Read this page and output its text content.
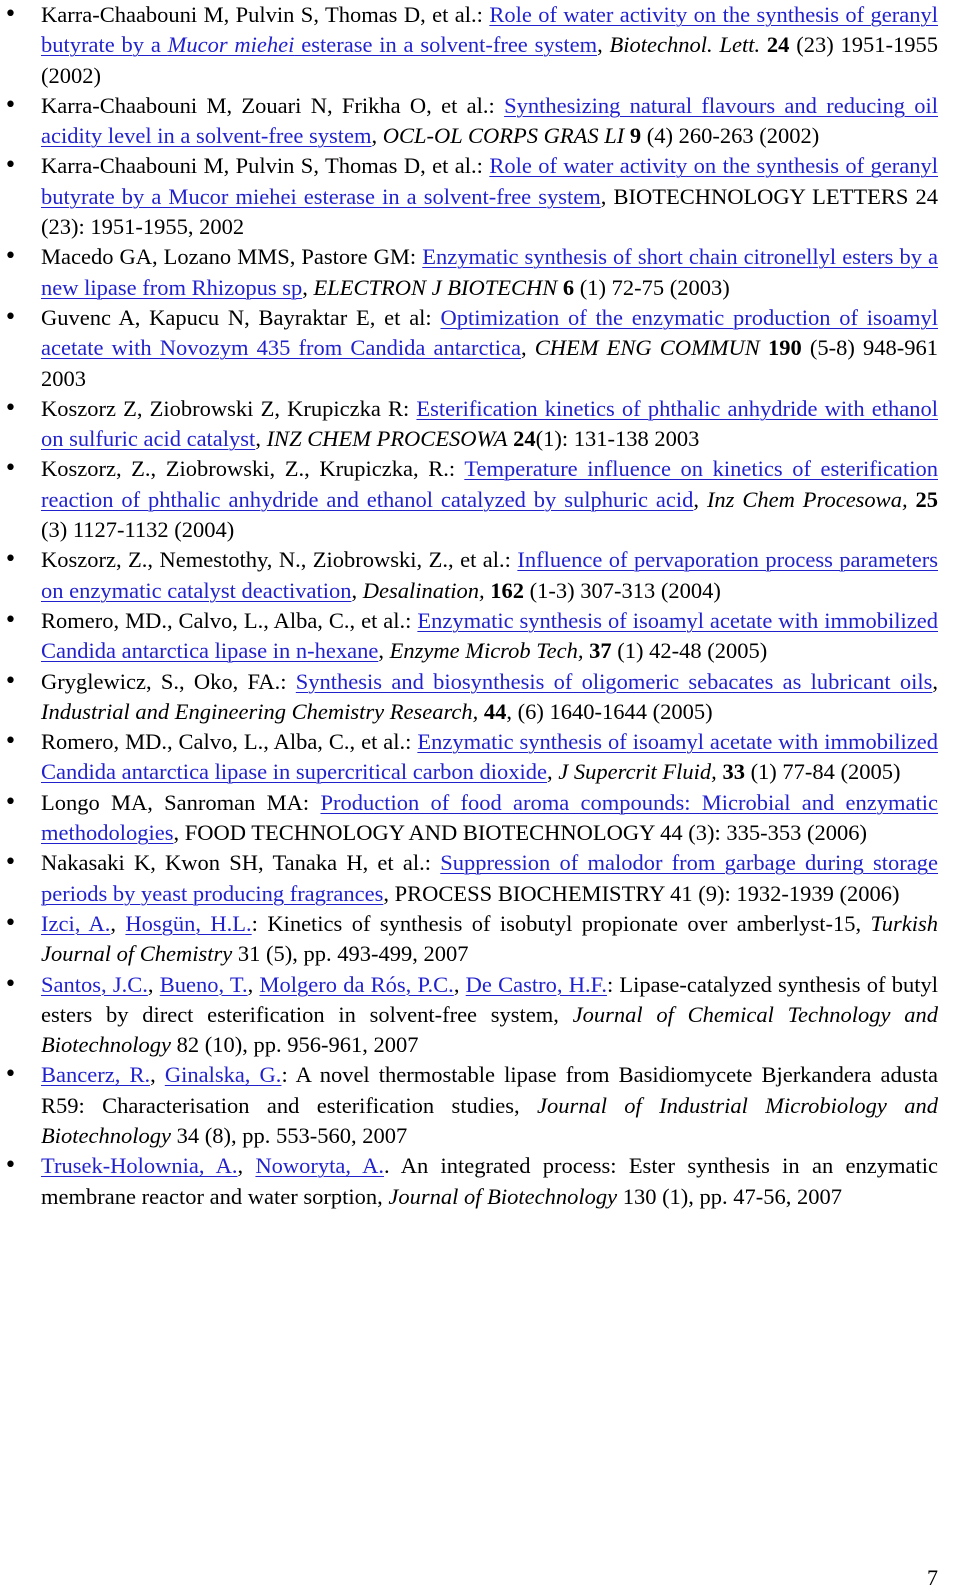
• Karra-Chaabouni M, Pulvin S, Thomas D, et al.: Role of water activity on the synthesis of geranyl butyrate by a Mucor miehei esterase in a solvent-free system, Biotechnol. Lett. 24 (23) 1951-1955 (2002)
• Karra-Chaabouni M, Zouari N, Frikha O, et al.: Synthesizing natural flavours and reducing oil acidity level in a solvent-free system, OCL-OL CORPS GRAS LI 9 (4) 260-263 (2002)
• Karra-Chaabouni M, Pulvin S, Thomas D, et al.: Role of water activity on the synthesis of geranyl butyrate by a Mucor miehei esterase in a solvent-free system, BIOTECHNOLOGY LETTERS 24 (23): 1951-1955, 2002
• Macedo GA, Lozano MMS, Pastore GM: Enzymatic synthesis of short chain citronellyl esters by a new lipase from Rhizopus sp, ELECTRON J BIOTECHN 6 (1) 72-75 (2003)
• Guvenc A, Kapucu N, Bayraktar E, et al: Optimization of the enzymatic production of isoamyl acetate with Novozym 435 from Candida antarctica, CHEM ENG COMMUN 190 (5-8) 948-961 2003
• Koszorz Z, Ziobrowski Z, Krupiczka R: Esterification kinetics of phthalic anhydride with ethanol on sulfuric acid catalyst, INZ CHEM PROCESOWA 24(1): 131-138 2003
• Koszorz, Z., Ziobrowski, Z., Krupiczka, R.: Temperature influence on kinetics of esterification reaction of phthalic anhydride and ethanol catalyzed by sulphuric acid, Inz Chem Procesowa, 25 (3) 1127-1132 (2004)
• Koszorz, Z., Nemestothy, N., Ziobrowski, Z., et al.: Influence of pervaporation process parameters on enzymatic catalyst deactivation, Desalination, 162 (1-3) 307-313 (2004)
• Romero, MD., Calvo, L., Alba, C., et al.: Enzymatic synthesis of isoamyl acetate with immobilized Candida antarctica lipase in n-hexane, Enzyme Microb Tech, 37 (1) 42-48 (2005)
• Gryglewicz, S., Oko, FA.: Synthesis and biosynthesis of oligomeric sebacates as lubricant oils, Industrial and Engineering Chemistry Research, 44, (6) 1640-1644 (2005)
• Romero, MD., Calvo, L., Alba, C., et al.: Enzymatic synthesis of isoamyl acetate with immobilized Candida antarctica lipase in supercritical carbon dioxide, J Supercrit Fluid, 33 (1) 77-84 (2005)
• Longo MA, Sanroman MA: Production of food aroma compounds: Microbial and enzymatic methodologies, FOOD TECHNOLOGY AND BIOTECHNOLOGY 44 (3): 335-353 (2006)
• Nakasaki K, Kwon SH, Tanaka H, et al.: Suppression of malodor from garbage during storage periods by yeast producing fragrances, PROCESS BIOCHEMISTRY 41 (9): 1932-1939 (2006)
• Izci, A., Hosgün, H.L.: Kinetics of synthesis of isobutyl propionate over amberlyst-15, Turkish Journal of Chemistry 31 (5), pp. 493-499, 2007
• Santos, J.C., Bueno, T., Molgero da Rós, P.C., De Castro, H.F.: Lipase-catalyzed synthesis of butyl esters by direct esterification in solvent-free system, Journal of Chemical Technology and Biotechnology 82 (10), pp. 956-961, 2007
• Bancerz, R., Ginalska, G.: A novel thermostable lipase from Basidiomycete Bjerkandera adusta R59: Characterisation and esterification studies, Journal of Industrial Microbiology and Biotechnology 34 (8), pp. 553-560, 2007
• Trusek-Holownia, A., Noworyta, A.. An integrated process: Ester synthesis in an enzymatic membrane reactor and water sorption, Journal of Biotechnology 130 (1), pp. 47-56, 2007
7
